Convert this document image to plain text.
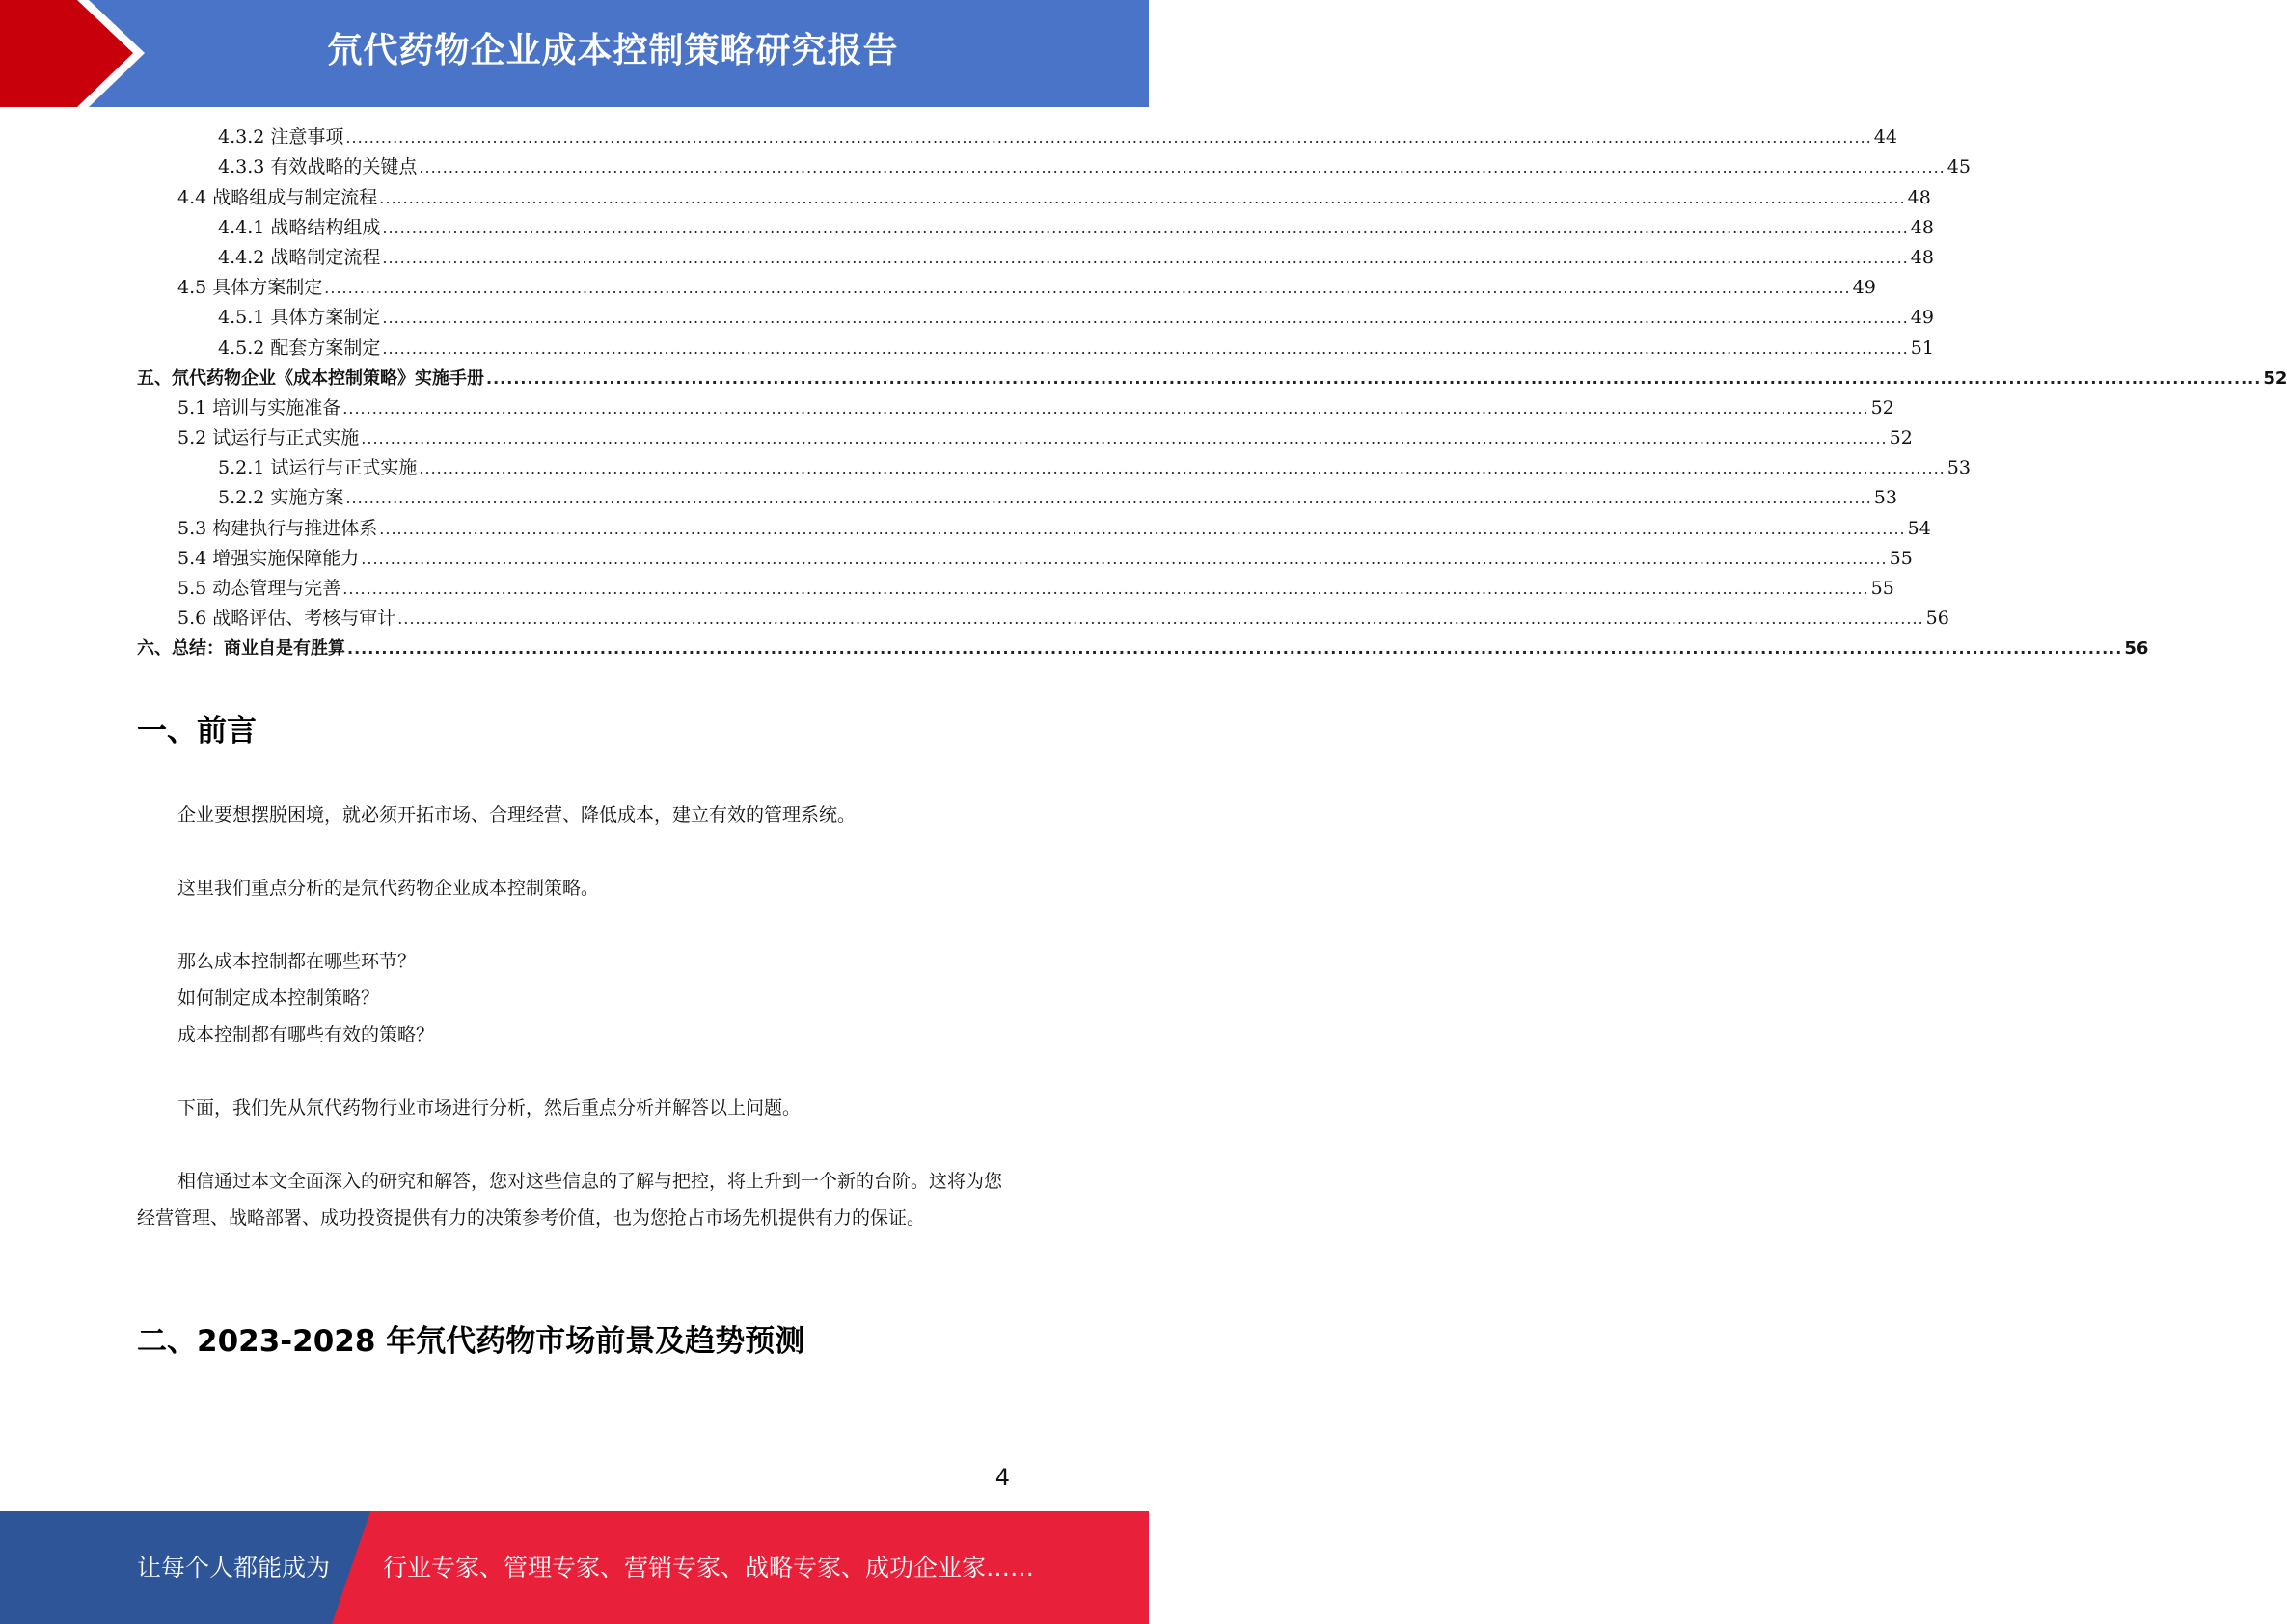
氘代药物企业成本控制策略研究报告
4.3.2 注意事项 .................................................................................................................................................................................................................................................................... 44
4.3.3 有效战略的关键点 .................................................................................................................................................................................................................................................................... 45
4.4 战略组成与制定流程 .................................................................................................................................................................................................................................................................... 48
4.4.1 战略结构组成 .................................................................................................................................................................................................................................................................... 48
4.4.2 战略制定流程 .................................................................................................................................................................................................................................................................... 48
4.5 具体方案制定 .................................................................................................................................................................................................................................................................... 49
4.5.1 具体方案制定 .................................................................................................................................................................................................................................................................... 49
4.5.2 配套方案制定 .................................................................................................................................................................................................................................................................... 51
五、氘代药物企业《成本控制策略》实施手册 .................................................................................................................................................................................................................................................................... 52
5.1 培训与实施准备 .................................................................................................................................................................................................................................................................... 52
5.2 试运行与正式实施 .................................................................................................................................................................................................................................................................... 52
5.2.1 试运行与正式实施 .................................................................................................................................................................................................................................................................... 53
5.2.2 实施方案 .................................................................................................................................................................................................................................................................... 53
5.3 构建执行与推进体系 .................................................................................................................................................................................................................................................................... 54
5.4 增强实施保障能力 .................................................................................................................................................................................................................................................................... 55
5.5 动态管理与完善 .................................................................................................................................................................................................................................................................... 55
5.6 战略评估、考核与审计 .................................................................................................................................................................................................................................................................... 56
六、总结：商业自是有胜算 .................................................................................................................................................................................................................................................................... 56
一、前言
企业要想摆脱困境，就必须开拓市场、合理经营、降低成本，建立有效的管理系统。
这里我们重点分析的是氘代药物企业成本控制策略。
那么成本控制都在哪些环节？
如何制定成本控制策略？
成本控制都有哪些有效的策略？
下面，我们先从氘代药物行业市场进行分析，然后重点分析并解答以上问题。
相信通过本文全面深入的研究和解答，您对这些信息的了解与把控，将上升到一个新的台阶。这将为您经营管理、战略部署、成功投资提供有力的决策参考价值，也为您抢占市场先机提供有力的保证。
二、2023-2028 年氘代药物市场前景及趋势预测
4
让每个人都能成为 行业专家、管理专家、营销专家、战略专家、成功企业家……
